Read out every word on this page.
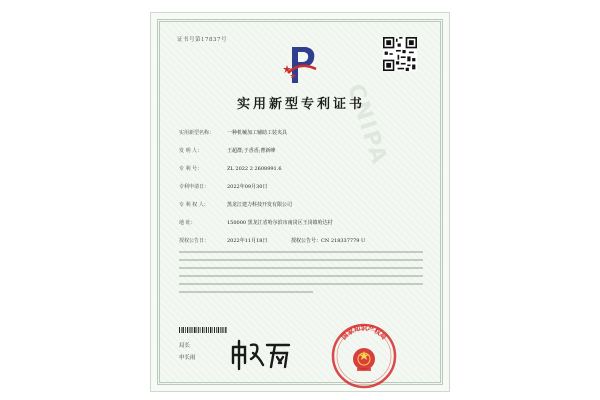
CNIPA
证书号第17837号
实用新型专利证书
实用新型名称：	一种机械加工辅助工装夹具
发 明 人：	王超群;于香香;曹新峰
专 利 号：	ZL 2022 2 2608991.6
专利申请日：	2022年09月30日
专 利 权 人：	黑龙江建力科技开发有限公司
地 址：	150000 黑龙江省哈尔滨市南岗区王岗镇哈达村
授权公告日：	2022年11月18日	授权公告号：CN 218337779 U
局长
申长雨
国家知识产权局
